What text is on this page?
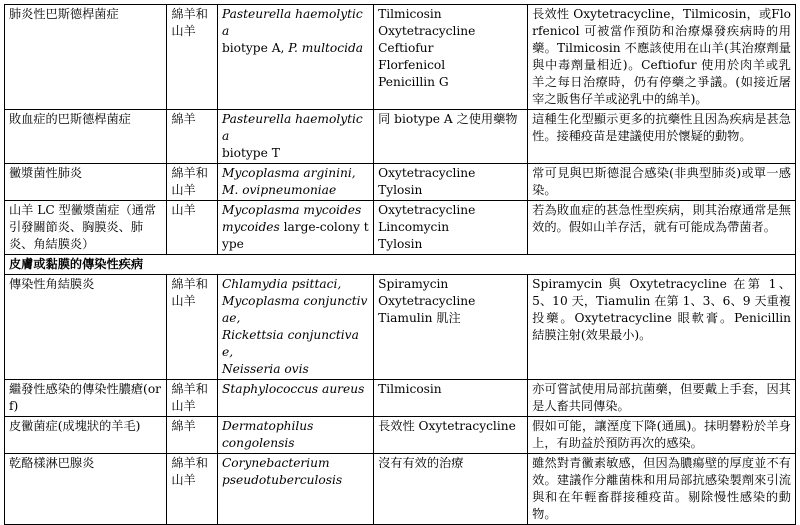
肺炎性巴斯德桿菌症	綿羊和山羊	Pasteurella haemolytica
biotype A, P. multocida	Tilmicosin
Oxytetracycline
Ceftiofur
Florfenicol
Penicillin G	長效性 Oxytetracycline，Tilmicosin，或Florfenicol 可被當作預防和治療爆發疾病時的用藥。Tilmicosin 不應該使用在山羊(其治療劑量與中毒劑量相近)。Ceftiofur 使用於肉羊或乳羊之每日治療時，仍有停藥之爭議。(如接近屠宰之販售仔羊或泌乳中的綿羊)。
敗血症的巴斯德桿菌症	綿羊	Pasteurella haemolytica
biotype T	同 biotype A 之使用藥物	這種生化型顯示更多的抗藥性且因為疾病是甚急性。接種疫苗是建議使用於懷疑的動物。
黴漿菌性肺炎	綿羊和山羊	Mycoplasma arginini,
M. ovipneumoniae	Oxytetracycline
Tylosin	常可見與巴斯德混合感染(非典型肺炎)或單一感染。
山羊 LC 型黴漿菌症（通常引發關節炎、胸膜炎、肺炎、角結膜炎）	山羊	Mycoplasma mycoides
mycoides large-colony type	Oxytetracycline
Lincomycin
Tylosin	若為敗血症的甚急性型疾病，則其治療通常是無效的。假如山羊存活，就有可能成為帶菌者。
皮膚或黏膜的傳染性疾病				
傳染性角結膜炎	綿羊和山羊	Chlamydia psittaci,
Mycoplasma conjunctivae,
Rickettsia conjunctivae,
Neisseria ovis	Spiramycin
Oxytetracycline
Tiamulin 肌注	Spiramycin 與 Oxytetracycline 在第 1、5、10 天，Tiamulin 在第 1、3、6、9 天重複投藥。Oxytetracycline 眼軟膏。Penicillin 結膜注射(效果最小)。
繼發性感染的傳染性膿瘡(orf)	綿羊和山羊	Staphylococcus aureus	Tilmicosin	亦可嘗試使用局部抗菌藥，但要戴上手套，因其是人畜共同傳染。
皮黴菌症(成塊狀的羊毛)	綿羊	Dermatophilus
congolensis	長效性 Oxytetracycline	假如可能，讓溼度下降(通風)。抹明礬粉於羊身上，有助益於預防再次的感染。
乾酪樣淋巴腺炎	綿羊和山羊	Corynebacterium
pseudotuberculosis	沒有有效的治療	雖然對青黴素敏感，但因為膿瘍壁的厚度並不有效。建議作分離菌株和用局部抗感染製劑來引流與和在年輕畜群接種疫苗。剔除慢性感染的動物。
